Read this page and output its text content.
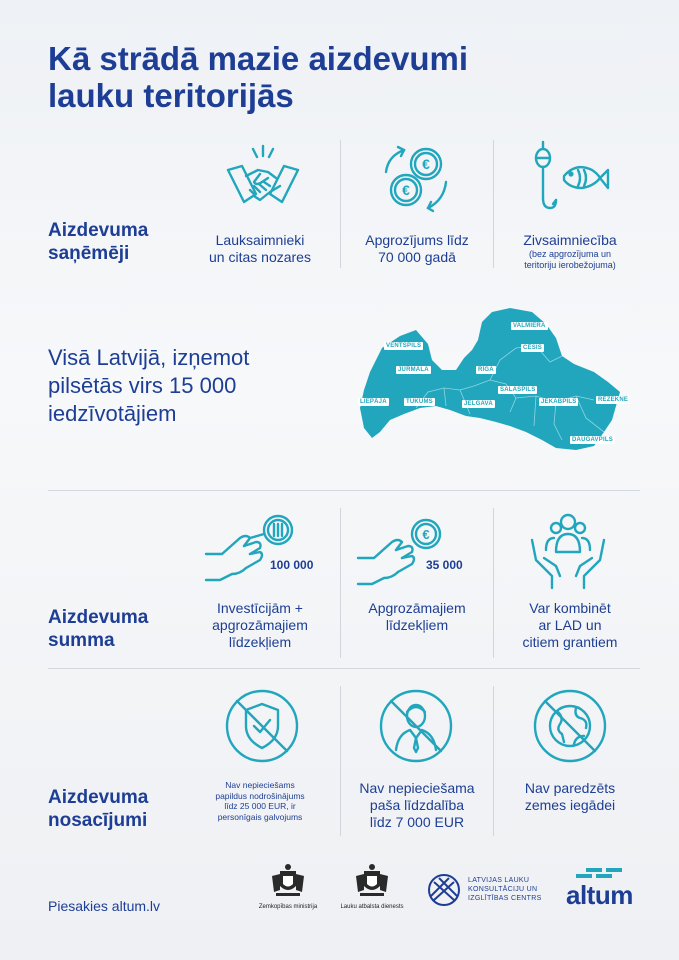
Kā strādā mazie aizdevumi
lauku teritorijās
Aizdevuma
saņēmēji
€
€
Lauksaimnieki
un citas nozares
Apgrozījums līdz
70 000 gadā
Zivsaimniecība
(bez apgrozījuma un
teritoriju ierobežojuma)
Visā Latvijā, izņemot
pilsētās virs 15 000
iedzīvotājiem
VALMIERA
CĒSIS
VENTSPILS
JŪRMALA	RĪGA
SALASPILS
LIEPĀJA	TUKUMS	JELGAVA	JĒKABPILS	RĒZEKNE
DAUGAVPILS
Aizdevuma
summa
100 000
€
35 000
Investīcijām +
apgrozāmajiem
līdzekļiem
Apgrozāmajiem
līdzekļiem
Var kombinēt
ar LAD un
citiem grantiem
Aizdevuma
nosacījumi
Nav nepieciešams
papildus nodrošinājums
līdz 25 000 EUR, ir
personīgais galvojums
Nav nepieciešama
paša līdzdalība
līdz 7 000 EUR
Nav paredzēts
zemes iegādei
Piesakies altum.lv	Zemkopības ministrija	Lauku atbalsta dienests
LATVIJAS LAUKU
KONSULTĀCIJU UN
IZGLĪTĪBAS CENTRS altum
